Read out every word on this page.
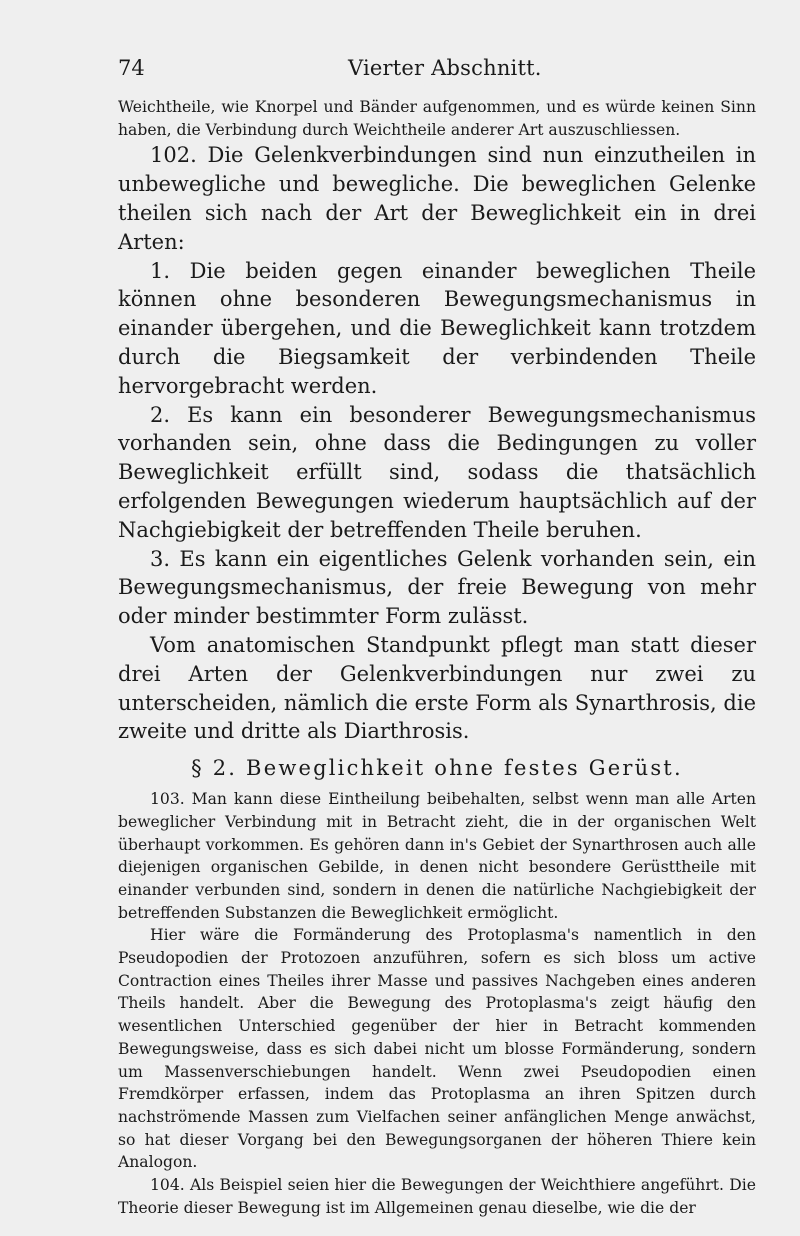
74	Vierter Abschnitt.

Weichtheile, wie Knorpel und Bänder aufgenommen, und es würde keinen Sinn haben, die Verbindung durch Weichtheile anderer Art auszuschliessen.

102. Die Gelenkverbindungen sind nun einzutheilen in unbewegliche und bewegliche. Die beweglichen Gelenke theilen sich nach der Art der Beweglichkeit ein in drei Arten:

1. Die beiden gegen einander beweglichen Theile können ohne besonderen Bewegungsmechanismus in einander übergehen, und die Beweglichkeit kann trotzdem durch die Biegsamkeit der verbindenden Theile hervorgebracht werden.

2. Es kann ein besonderer Bewegungsmechanismus vorhanden sein, ohne dass die Bedingungen zu voller Beweglichkeit erfüllt sind, sodass die thatsächlich erfolgenden Bewegungen wiederum hauptsächlich auf der Nachgiebigkeit der betreffenden Theile beruhen.

3. Es kann ein eigentliches Gelenk vorhanden sein, ein Bewegungsmechanismus, der freie Bewegung von mehr oder minder bestimmter Form zulässt.

Vom anatomischen Standpunkt pflegt man statt dieser drei Arten der Gelenkverbindungen nur zwei zu unterscheiden, nämlich die erste Form als Synarthrosis, die zweite und dritte als Diarthrosis.

§ 2. Beweglichkeit ohne festes Gerüst.

103. Man kann diese Eintheilung beibehalten, selbst wenn man alle Arten beweglicher Verbindung mit in Betracht zieht, die in der organischen Welt überhaupt vorkommen. Es gehören dann in's Gebiet der Synarthrosen auch alle diejenigen organischen Gebilde, in denen nicht besondere Gerüsttheile mit einander verbunden sind, sondern in denen die natürliche Nachgiebigkeit der betreffenden Substanzen die Beweglichkeit ermöglicht.

Hier wäre die Formänderung des Protoplasma's namentlich in den Pseudopodien der Protozoen anzuführen, sofern es sich bloss um active Contraction eines Theiles ihrer Masse und passives Nachgeben eines anderen Theils handelt. Aber die Bewegung des Protoplasma's zeigt häufig den wesentlichen Unterschied gegenüber der hier in Betracht kommenden Bewegungsweise, dass es sich dabei nicht um blosse Formänderung, sondern um Massenverschiebungen handelt. Wenn zwei Pseudopodien einen Fremdkörper erfassen, indem das Protoplasma an ihren Spitzen durch nachströmende Massen zum Vielfachen seiner anfänglichen Menge anwächst, so hat dieser Vorgang bei den Bewegungsorganen der höheren Thiere kein Analogon.

104. Als Beispiel seien hier die Bewegungen der Weichthiere angeführt. Die Theorie dieser Bewegung ist im Allgemeinen genau dieselbe, wie die der
